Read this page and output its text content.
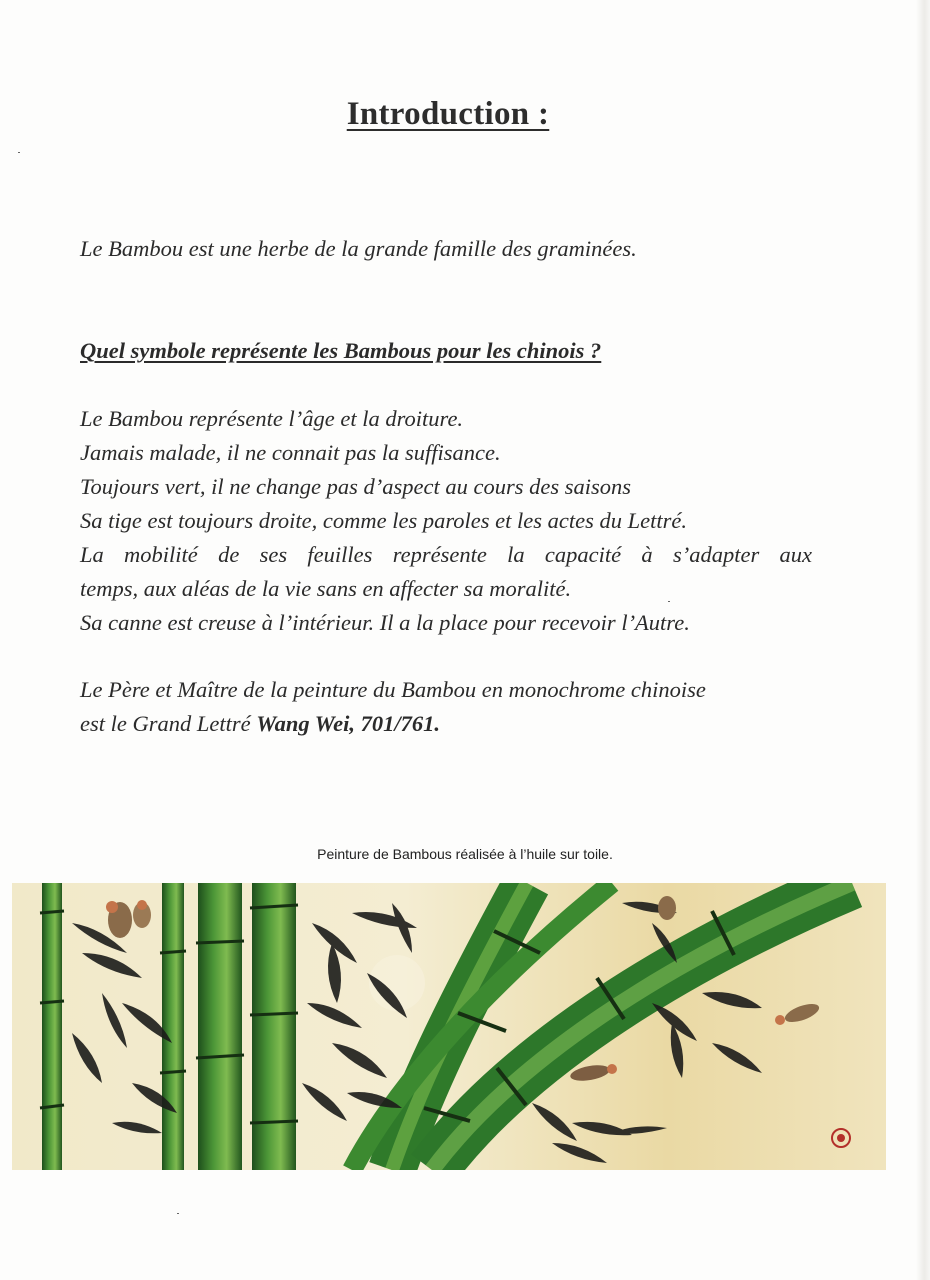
Introduction :
Le Bambou est une herbe de la grande famille des graminées.
Quel symbole représente les Bambous pour les chinois ?
Le Bambou représente l’âge et la droiture.
Jamais malade, il ne connait pas la suffisance.
Toujours vert, il ne change pas d’aspect au cours des saisons
Sa tige est toujours droite, comme les paroles et les actes du Lettré.
La mobilité de ses feuilles représente la capacité à s’adapter aux
temps, aux aléas de la vie sans en affecter sa moralité.
Sa canne est creuse à l’intérieur. Il a la place pour recevoir l’Autre.
Le Père et Maître de la peinture du Bambou en monochrome chinoise
est le Grand Lettré Wang Wei, 701/761.
Peinture de Bambous réalisée à l’huile sur toile.
